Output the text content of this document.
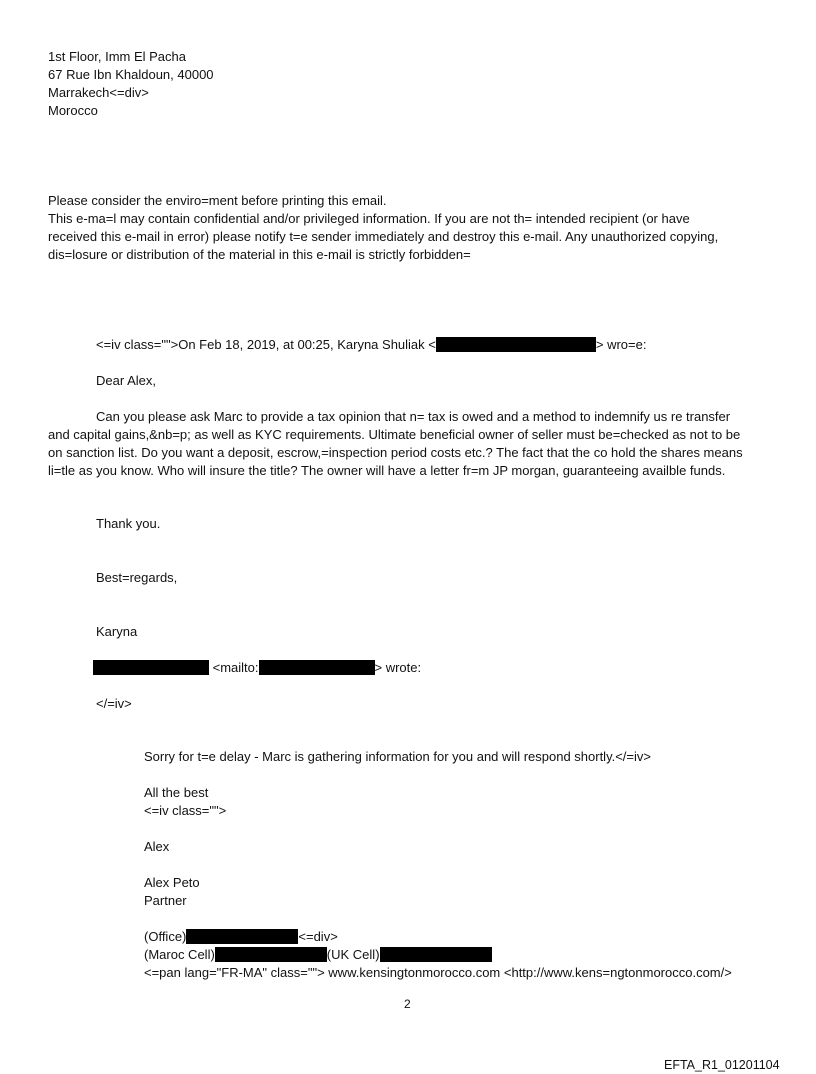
1st Floor, Imm El Pacha
67 Rue Ibn Khaldoun, 40000
Marrakech<=div>
Morocco
Please consider the enviro=ment before printing this email.
This e-ma=l may contain confidential and/or privileged information. If you are not th= intended recipient (or have
received this e-mail in error) please notify t=e sender immediately and destroy this e-mail. Any unauthorized copying,
dis=losure or distribution of the material in this e-mail is strictly forbidden=
<=iv class="">On Feb 18, 2019, at 00:25, Karyna Shuliak <	> wro=e:
Dear Alex,
Can you please ask Marc to provide a tax opinion that n= tax is owed and a method to indemnify us re transfer
and capital gains,&nb=p; as well as KYC requirements. Ultimate beneficial owner of seller must be=checked as not to be
on sanction list. Do you want a deposit, escrow,=inspection period costs etc.? The fact that the co hold the shares means
li=tle as you know. Who will insure the title? The owner will have a letter fr=m JP morgan, guaranteeing availble funds.
Thank you.
Best=regards,
Karyna
<mailto:	> wrote:
</=iv>
Sorry for t=e delay - Marc is gathering information for you and will respond shortly.</=iv>
All the best
<=iv class="">
Alex
Alex Peto
Partner
(Office)	<=div>
(Maroc Cell)	(UK Cell)
<=pan lang="FR-MA" class=""> www.kensingtonmorocco.com <http://www.kens=ngtonmorocco.com/>
2
EFTA_R1_01201104
